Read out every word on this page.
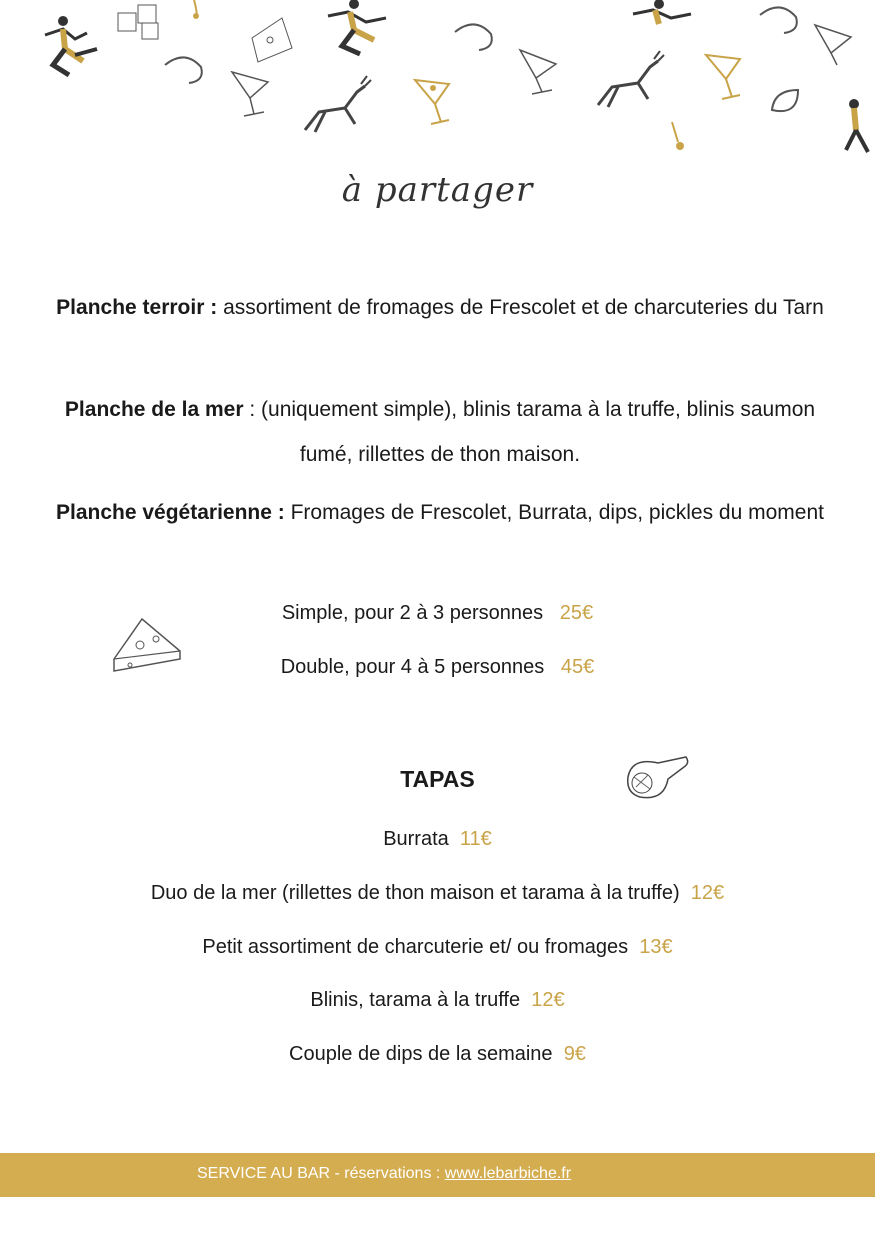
à partager
Planche terroir : assortiment de fromages de Frescolet et de charcuteries du Tarn
Planche de la mer : (uniquement simple), blinis tarama à la truffe, blinis saumon fumé, rillettes de thon maison.
Planche végétarienne : Fromages de Frescolet, Burrata, dips, pickles du moment
Simple, pour 2 à 3 personnes 25€
Double, pour 4 à 5 personnes 45€
TAPAS
Burrata 11€
Duo de la mer (rillettes de thon maison et tarama à la truffe) 12€
Petit assortiment de charcuterie et/ ou fromages 13€
Blinis, tarama à la truffe 12€
Couple de dips de la semaine 9€
SERVICE AU BAR - réservations : www.lebarbiche.fr
